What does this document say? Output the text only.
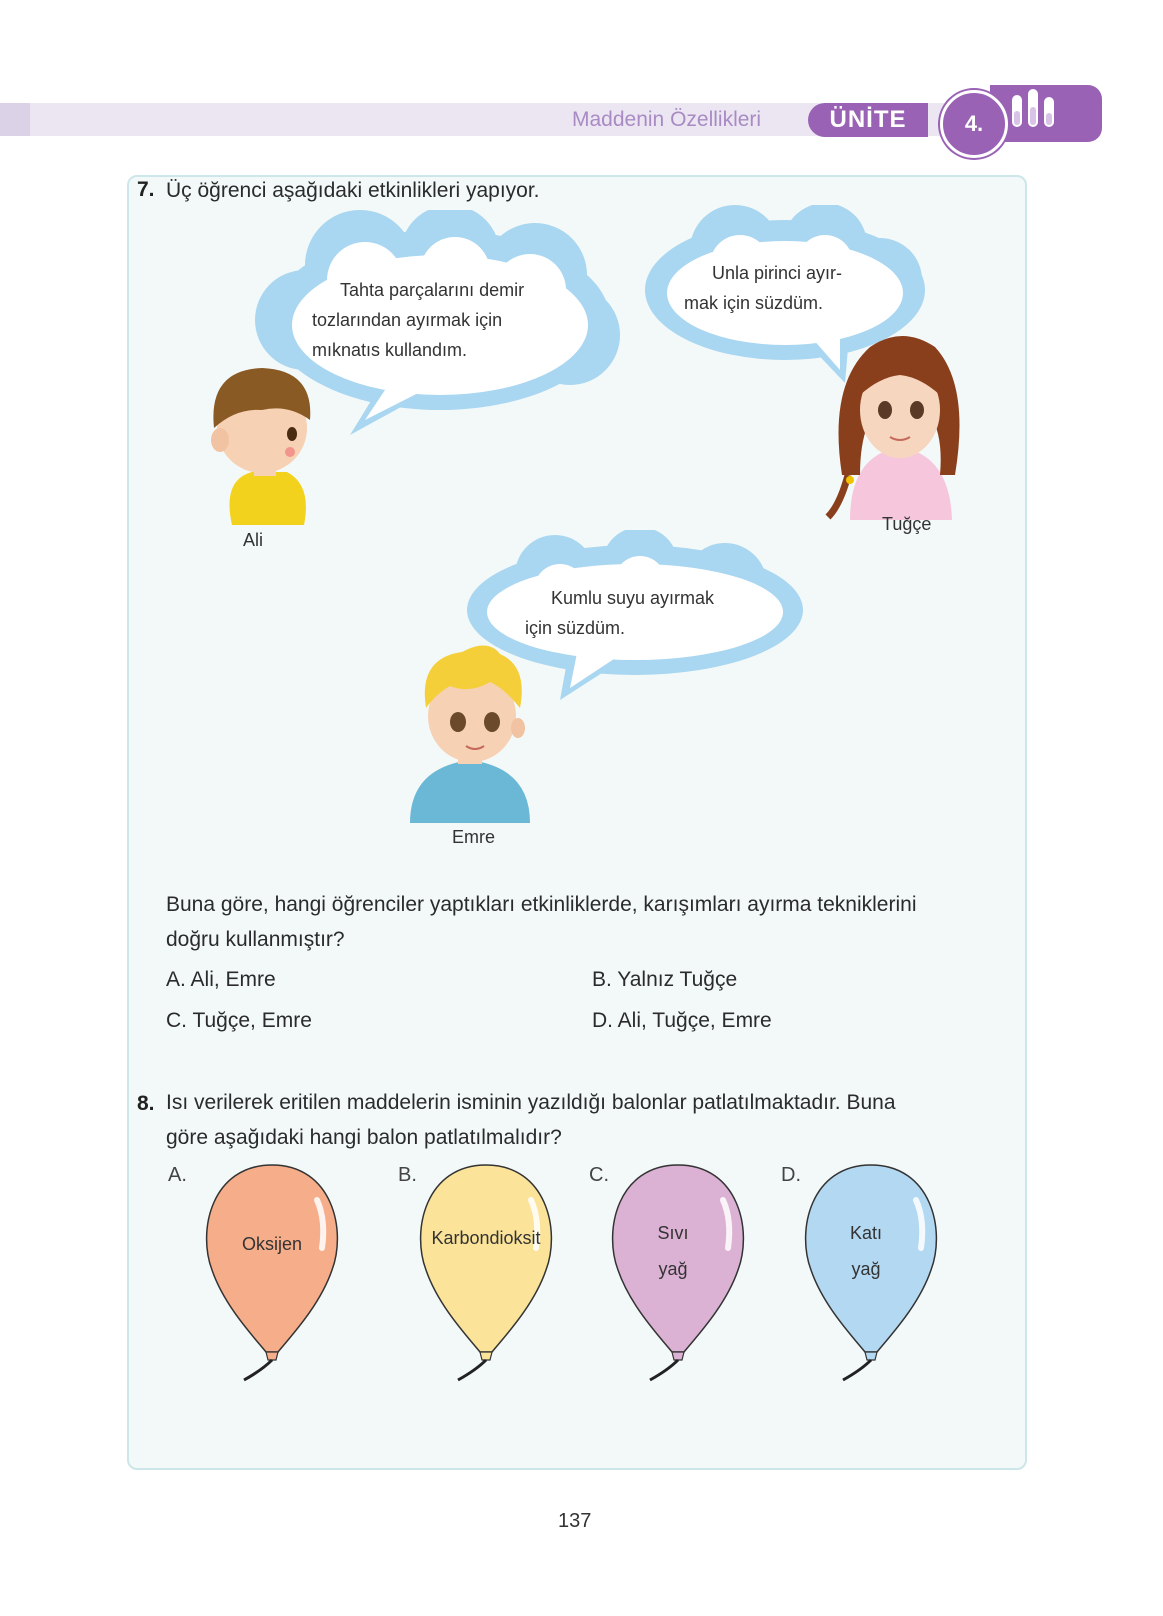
Maddenin Özellikleri	ÜNİTE	4.
7. Üç öğrenci aşağıdaki etkinlikleri yapıyor.
Tahta parçalarını demir
tozlarından ayırmak için
mıknatıs kullandım.
Unla pirinci ayır-
mak için süzdüm.
Kumlu suyu ayırmak
için süzdüm.
Ali
Tuğçe
Emre
Buna göre, hangi öğrenciler yaptıkları etkinliklerde, karışımları ayırma tekniklerini
doğru kullanmıştır?
A. Ali, Emre	B. Yalnız Tuğçe
C. Tuğçe, Emre	D. Ali, Tuğçe, Emre
8. Isı verilerek eritilen maddelerin isminin yazıldığı balonlar patlatılmaktadır. Buna
göre aşağıdaki hangi balon patlatılmalıdır?
A.
Oksijen
B.
Karbondioksit
C.
Sıvı
yağ
D.
Katı
yağ
137
